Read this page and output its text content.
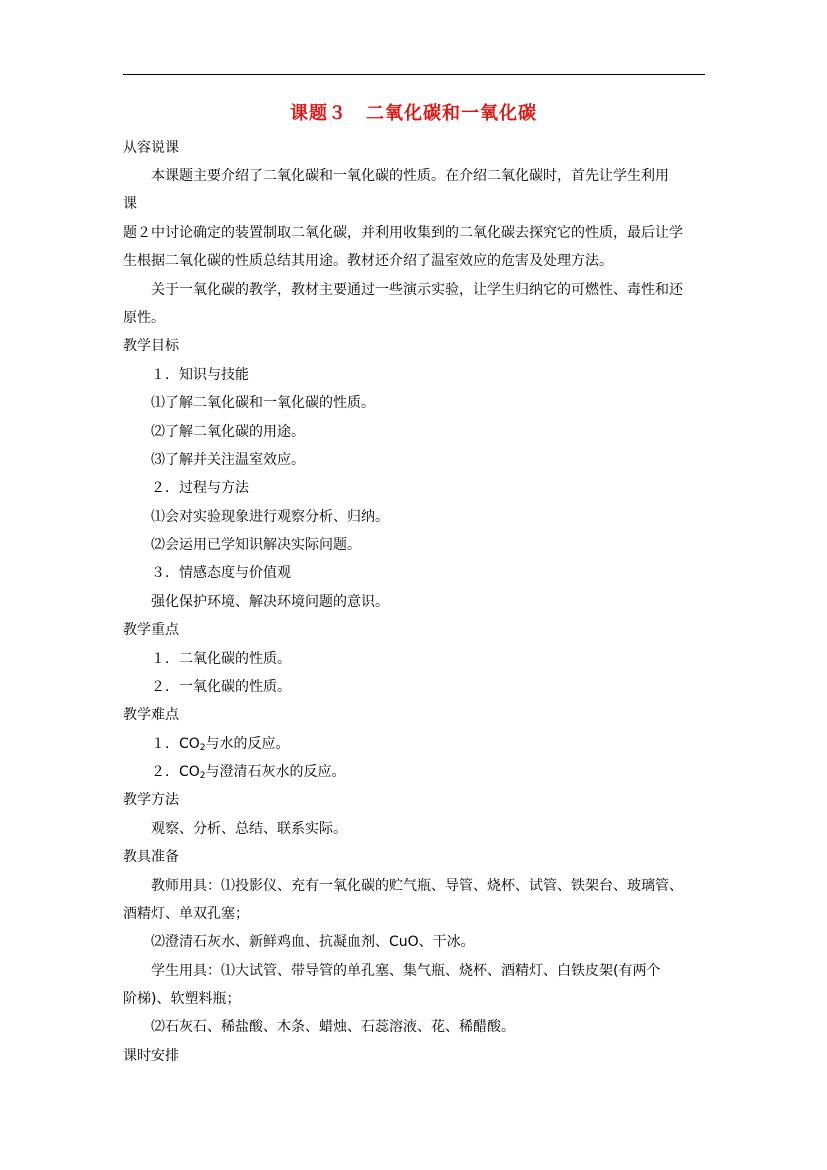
课题３　二氧化碳和一氧化碳
从容说课
本课题主要介绍了二氧化碳和一氧化碳的性质。在介绍二氧化碳时，首先让学生利用
课
题２中讨论确定的装置制取二氧化碳，并利用收集到的二氧化碳去探究它的性质，最后让学
生根据二氧化碳的性质总结其用途。教材还介绍了温室效应的危害及处理方法。
关于一氧化碳的教学，教材主要通过一些演示实验，让学生归纳它的可燃性、毒性和还
原性。
教学目标
１．知识与技能
⑴了解二氧化碳和一氧化碳的性质。
⑵了解二氧化碳的用途。
⑶了解并关注温室效应。
２．过程与方法
⑴会对实验现象进行观察分析、归纳。
⑵会运用已学知识解决实际问题。
３．情感态度与价值观
强化保护环境、解决环境问题的意识。
教学重点
１．二氧化碳的性质。
２．一氧化碳的性质。
教学难点
１．$CO_2$与水的反应。
２．$CO_2$与澄清石灰水的反应。
教学方法
观察、分析、总结、联系实际。
教具准备
教师用具：⑴投影仪、充有一氧化碳的贮气瓶、导管、烧杯、试管、铁架台、玻璃管、
酒精灯、单双孔塞；
⑵澄清石灰水、新鲜鸡血、抗凝血剂、CuO、干冰。
学生用具：⑴大试管、带导管的单孔塞、集气瓶、烧杯、酒精灯、白铁皮架(有两个
阶梯)、软塑料瓶；
⑵石灰石、稀盐酸、木条、蜡烛、石蕊溶液、花、稀醋酸。
课时安排
